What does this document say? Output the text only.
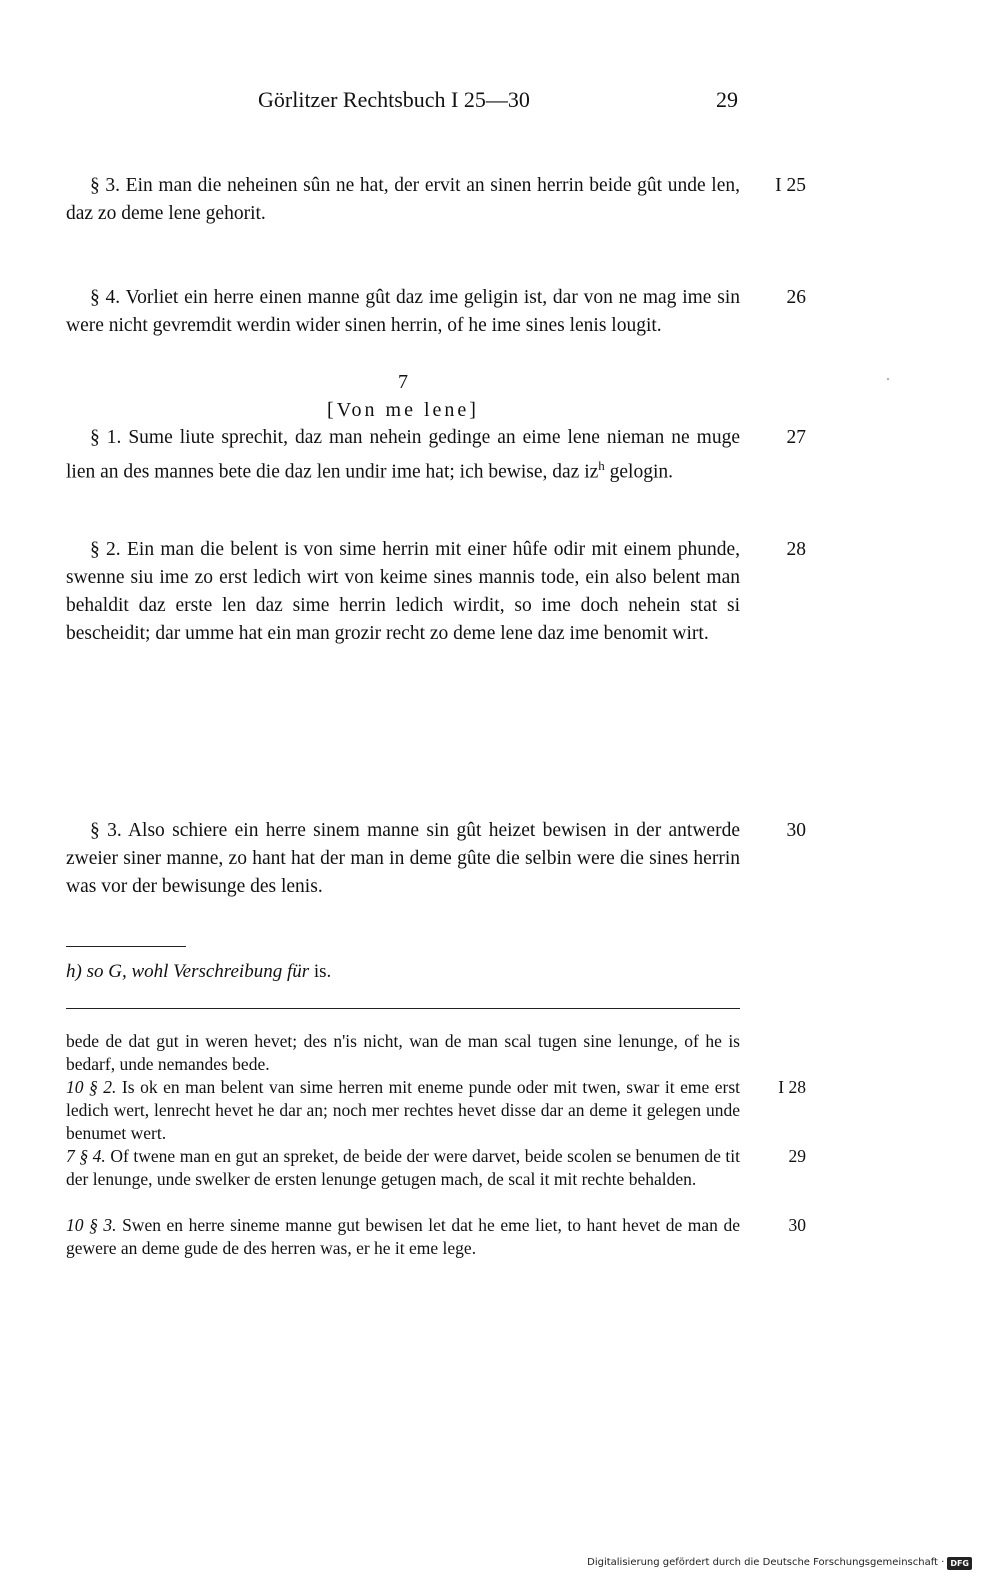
Görlitzer Rechtsbuch I 25—30	29

§ 3. Ein man die neheinen sûn ne hat, der ervit an sinen herrin beide gût unde len, daz zo deme lene gehorit.

I 25

§ 4. Vorliet ein herre einen manne gût daz ime geligin ist, dar von ne mag ime sin were nicht gevremdit werdin wider sinen herrin, of he ime sines lenis lougit.

26
7
[Von me lene]

§ 1. Sume liute sprechit, daz man nehein gedinge an eime lene nieman ne muge lien an des mannes bete die daz len undir ime hat; ich bewise, daz $iz^h$ gelogin.

27

§ 2. Ein man die belent is von sime herrin mit einer hûfe odir mit einem phunde, swenne siu ime zo erst ledich wirt von keime sines mannis tode, ein also belent man behaldit daz erste len daz sime herrin ledich wirdit, so ime doch nehein stat si bescheidit; dar umme hat ein man grozir recht zo deme lene daz ime benomit wirt.

28

§ 3. Also schiere ein herre sinem manne sin gût heizet bewisen in der antwerde zweier siner manne, zo hant hat der man in deme gûte die selbin were die sines herrin was vor der bewisunge des lenis.

30
h) so G, wohl Verschreibung für is.

bede de dat gut in weren hevet; des n'is nicht, wan de man scal tugen sine lenunge, of he is bedarf, unde nemandes bede.

10 § 2. Is ok en man belent van sime herren mit eneme punde oder mit twen, swar it eme erst ledich wert, lenrecht hevet he dar an; noch mer rechtes hevet disse dar an deme it gelegen unde benumet wert.

I 28

7 § 4. Of twene man en gut an spreket, de beide der were darvet, beide scolen se benumen de tit der lenunge, unde swelker de ersten lenunge getugen mach, de scal it mit rechte behalden.

29

10 § 3. Swen en herre sineme manne gut bewisen let dat he eme liet, to hant hevet de man de gewere an deme gude de des herren was, er he it eme lege.

30
Digitalisierung gefördert durch die Deutsche Forschungsgemeinschaft · DFG
